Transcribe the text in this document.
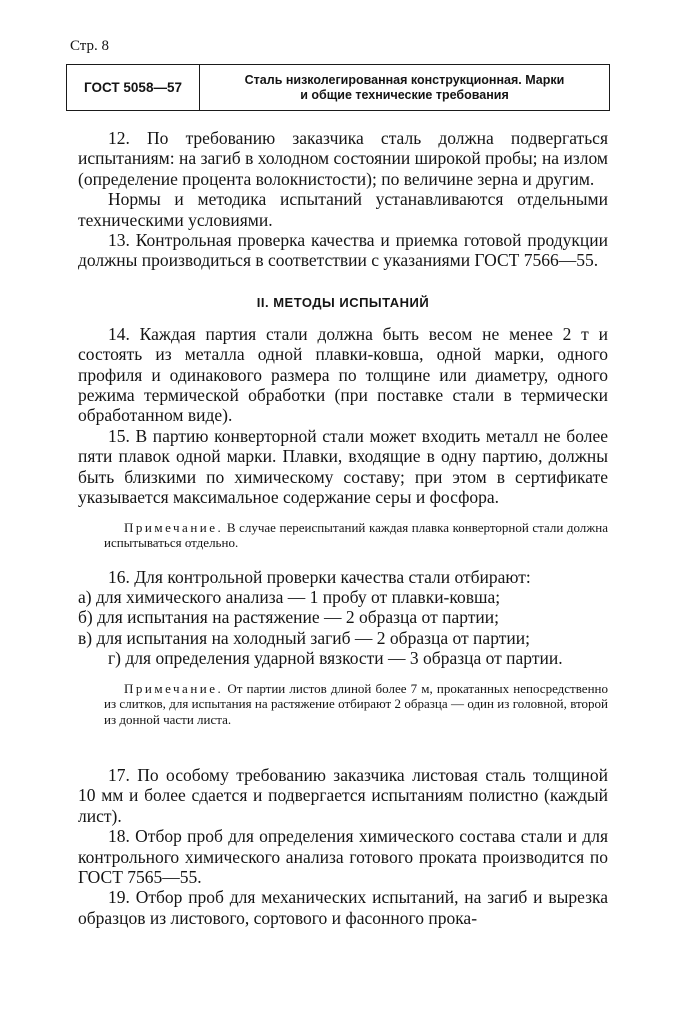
Стр. 8
ГОСТ 5058—57
Сталь низколегированная конструкционная. Марки
и общие технические требования

12. По требованию заказчика сталь должна подвергаться испытаниям: на загиб в холодном состоянии широкой пробы; на излом (определение процента волокнистости); по величине зерна и другим.

Нормы и методика испытаний устанавливаются отдельными техническими условиями.

13. Контрольная проверка качества и приемка готовой продукции должны производиться в соответствии с указаниями ГОСТ 7566—55.

II. МЕТОДЫ ИСПЫТАНИЙ

14. Каждая партия стали должна быть весом не менее 2 т и состоять из металла одной плавки-ковша, одной марки, одного профиля и одинакового размера по толщине или диаметру, одного режима термической обработки (при поставке стали в термически обработанном виде).

15. В партию конверторной стали может входить металл не более пяти плавок одной марки. Плавки, входящие в одну партию, должны быть близкими по химическому составу; при этом в сертификате указывается максимальное содержание серы и фосфора.

Примечание. В случае переиспытаний каждая плавка конверторной стали должна испытываться отдельно.

16. Для контрольной проверки качества стали отбирают:

а) для химического анализа — 1 пробу от плавки-ковша;

б) для испытания на растяжение — 2 образца от партии;

в) для испытания на холодный загиб — 2 образца от партии;

г) для определения ударной вязкости — 3 образца от партии.

Примечание. От партии листов длиной более 7 м, прокатанных непосредственно из слитков, для испытания на растяжение отбирают 2 образца — один из головной, второй из донной части листа.

17. По особому требованию заказчика листовая сталь толщиной 10 мм и более сдается и подвергается испытаниям полистно (каждый лист).

18. Отбор проб для определения химического состава стали и для контрольного химического анализа готового проката производится по ГОСТ 7565—55.

19. Отбор проб для механических испытаний, на загиб и вырезка образцов из листового, сортового и фасонного прока-
